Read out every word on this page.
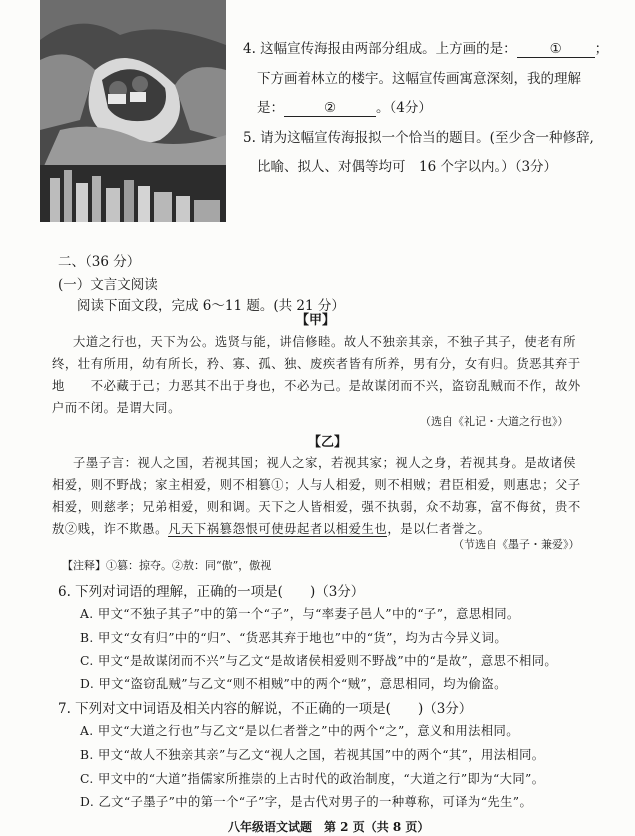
4. 这幅宣传海报由两部分组成。上方画的是： ① ；
下方画着林立的楼宇。这幅宣传画寓意深刻，我的理解
是：	②	。（4分）
5. 请为这幅宣传海报拟一个恰当的题目。(至少含一种修辞,
比喻、拟人、对偶等均可　16 个字以内。）（3分）
二、（36 分）
(一）文言文阅读
阅读下面文段，完成 6～11 题。(共 21 分）
【甲】
大道之行也，天下为公。选贤与能，讲信修睦。故人不独亲其亲，不独子其子，使老有所
终，壮有所用，幼有所长，矜、寡、孤、独、废疾者皆有所养，男有分，女有归。货恶其弃于
地　　不必藏于己；力恶其不出于身也，不必为己。是故谋闭而不兴，盗窃乱贼而不作，故外
户而不闭。是谓大同。
（选自《礼记・大道之行也》）
【乙】
子墨子言：视人之国，若视其国；视人之家，若视其家；视人之身，若视其身。是故诸侯
相爱，则不野战；家主相爱，则不相篡①；人与人相爱，则不相贼；君臣相爱，则惠忠；父子
相爱，则慈孝；兄弟相爱，则和调。天下之人皆相爱，强不执弱，众不劫寡，富不侮贫，贵不
敖②贱，诈不欺愚。凡天下祸篡怨恨可使毋起者以相爱生也，是以仁者誉之。
（节选自《墨子・兼爱》）
【注释】①篡：掠夺。②敖：同“傲”，傲视
6. 下列对词语的理解，正确的一项是(　　)（3分）
A. 甲文“不独子其子”中的第一个“子”，与“率妻子邑人”中的“子”，意思相同。
B. 甲文“女有归”中的“归”、“货恶其弃于地也”中的“货”，均为古今异义词。
C. 甲文“是故谋闭而不兴”与乙文“是故诸侯相爱则不野战”中的“是故”，意思不相同。
D. 甲文“盗窃乱贼”与乙文“则不相贼”中的两个“贼”，意思相同，均为偷盗。
7. 下列对文中词语及相关内容的解说，不正确的一项是(　　)（3分）
A. 甲文“大道之行也”与乙文“是以仁者誉之”中的两个“之”，意义和用法相同。
B. 甲文“故人不独亲其亲”与乙文“视人之国，若视其国”中的两个“其”，用法相同。
C. 甲文中的“大道”指儒家所推崇的上古时代的政治制度，“大道之行”即为“大同”。
D. 乙文“子墨子”中的第一个“子”字，是古代对男子的一种尊称，可译为“先生”。
八年级语文试题　第 2 页（共 8 页）
